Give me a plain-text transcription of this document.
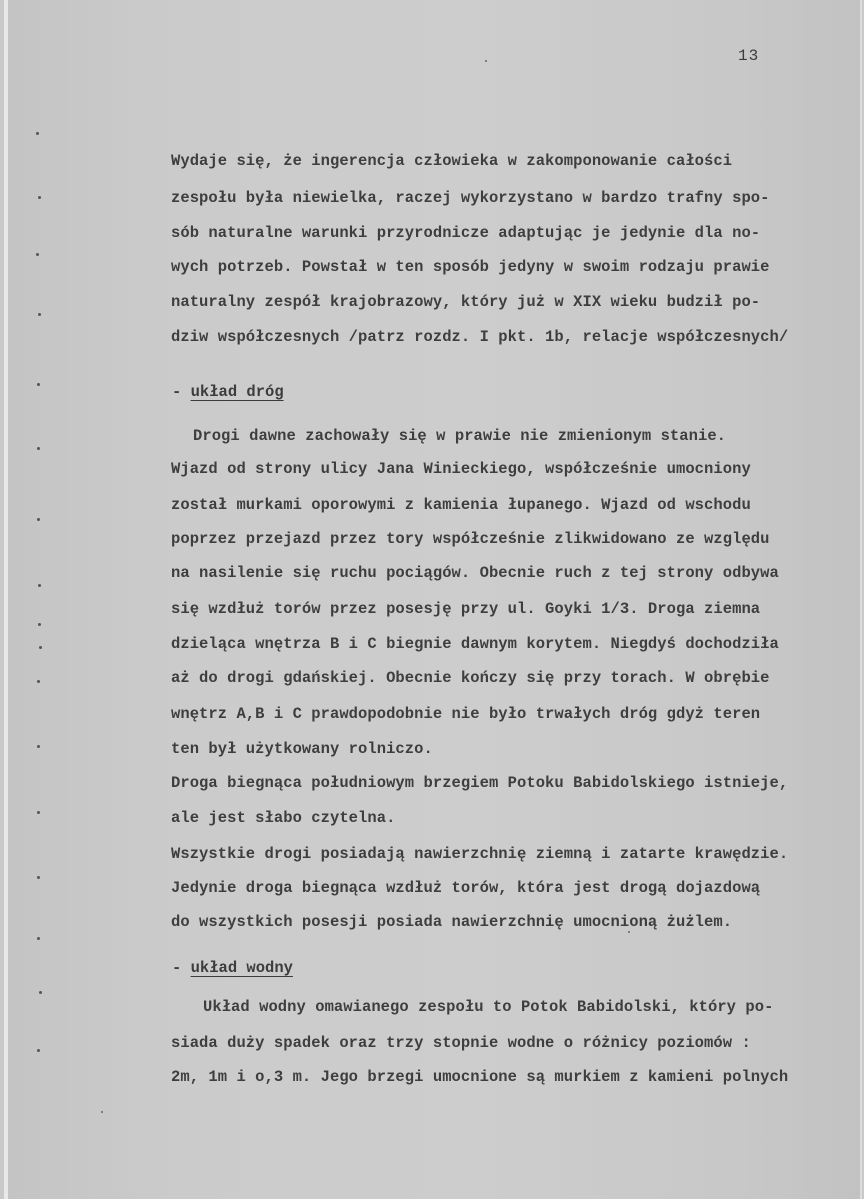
13
Wydaje się, że ingerencja człowieka w zakomponowanie całości
zespołu była niewielka, raczej wykorzystano w bardzo trafny spo-
sób naturalne warunki przyrodnicze adaptując je jedynie dla no-
wych potrzeb. Powstał w ten sposób jedyny w swoim rodzaju prawie
naturalny zespół krajobrazowy, który już w XIX wieku budził po-
dziw współczesnych /patrz rozdz. I pkt. 1b, relacje współczesnych/
- układ dróg
Drogi dawne zachowały się w prawie nie zmienionym stanie.
Wjazd od strony ulicy Jana Winieckiego, współcześnie umocniony
został murkami oporowymi z kamienia łupanego. Wjazd od wschodu
poprzez przejazd przez tory współcześnie zlikwidowano ze względu
na nasilenie się ruchu pociągów. Obecnie ruch z tej strony odbywa
się wzdłuż torów przez posesję przy ul. Goyki 1/3. Droga ziemna
dzieląca wnętrza B i C biegnie dawnym korytem. Niegdyś dochodziła
aż do drogi gdańskiej. Obecnie kończy się przy torach. W obrębie
wnętrz A,B i C prawdopodobnie nie było trwałych dróg gdyż teren
ten był użytkowany rolniczo.
Droga biegnąca południowym brzegiem Potoku Babidolskiego istnieje,
ale jest słabo czytelna.
Wszystkie drogi posiadają nawierzchnię ziemną i zatarte krawędzie.
Jedynie droga biegnąca wzdłuż torów, która jest drogą dojazdową
do wszystkich posesji posiada nawierzchnię umocnioną żużlem.
- układ wodny
Układ wodny omawianego zespołu to Potok Babidolski, który po-
siada duży spadek oraz trzy stopnie wodne o różnicy poziomów :
2m, 1m i o,3 m. Jego brzegi umocnione są murkiem z kamieni polnych
